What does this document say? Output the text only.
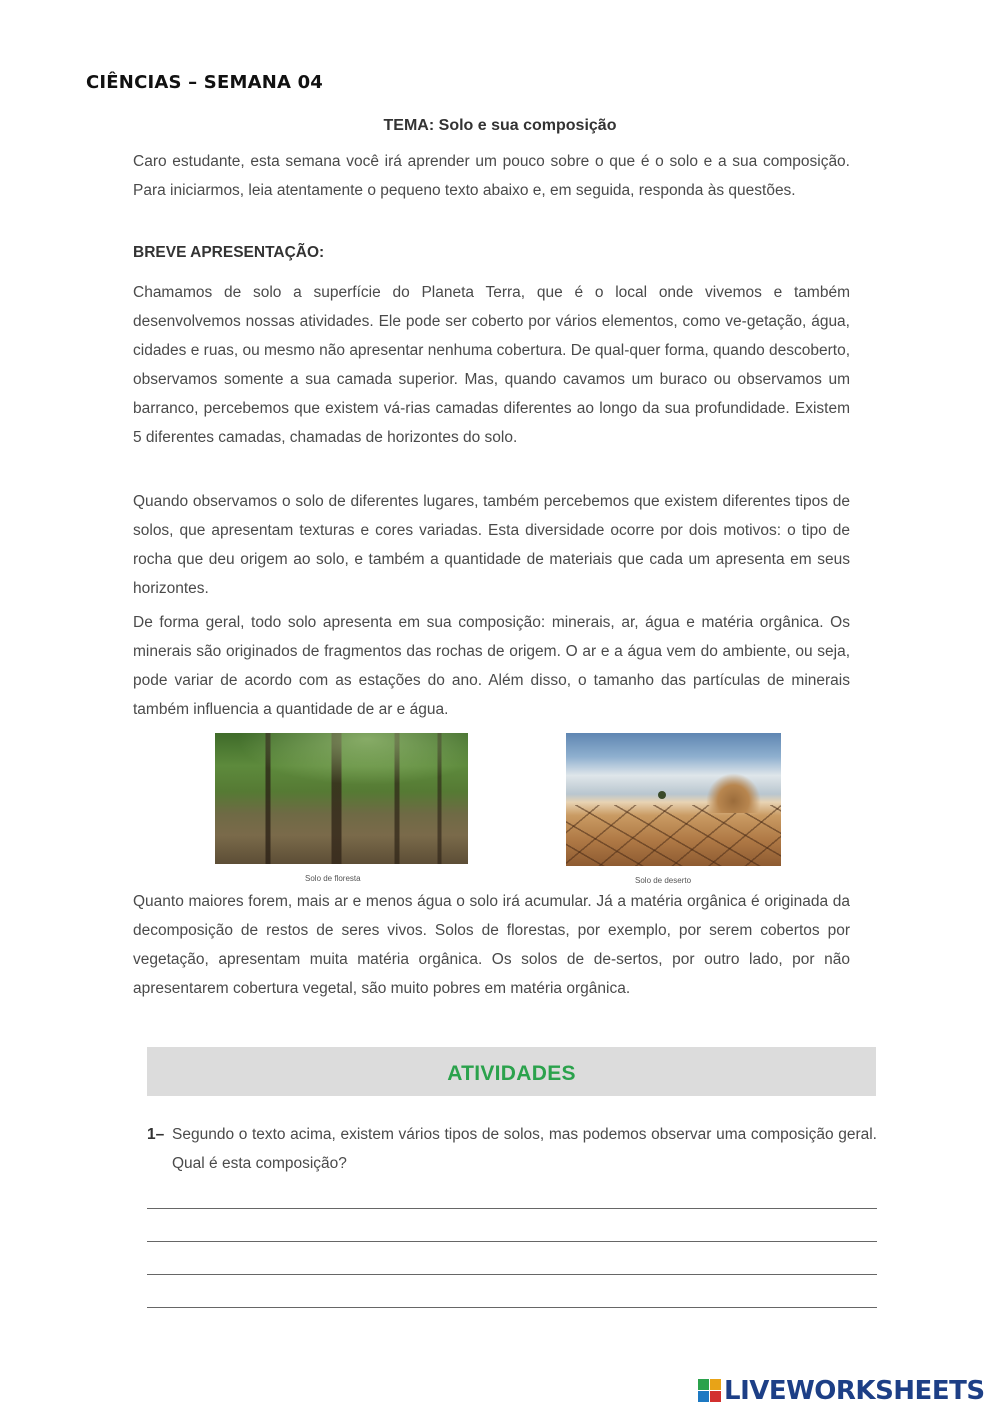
CIÊNCIAS – SEMANA 04
TEMA: Solo e sua composição
Caro estudante, esta semana você irá aprender um pouco sobre o que é o solo e a sua composição. Para iniciarmos, leia atentamente o pequeno texto abaixo e, em seguida, responda às questões.
BREVE APRESENTAÇÃO:
Chamamos de solo a superfície do Planeta Terra, que é o local onde vivemos e também desenvolvemos nossas atividades. Ele pode ser coberto por vários elementos, como ve-getação, água, cidades e ruas, ou mesmo não apresentar nenhuma cobertura. De qual-quer forma, quando descoberto, observamos somente a sua camada superior. Mas, quando cavamos um buraco ou observamos um barranco, percebemos que existem vá-rias camadas diferentes ao longo da sua profundidade. Existem 5 diferentes camadas, chamadas de horizontes do solo.
Quando observamos o solo de diferentes lugares, também percebemos que existem diferentes tipos de solos, que apresentam texturas e cores variadas. Esta diversidade ocorre por dois motivos: o tipo de rocha que deu origem ao solo, e também a quantidade de materiais que cada um apresenta em seus horizontes.
De forma geral, todo solo apresenta em sua composição: minerais, ar, água e matéria orgânica. Os minerais são originados de fragmentos das rochas de origem. O ar e a água vem do ambiente, ou seja, pode variar de acordo com as estações do ano. Além disso, o tamanho das partículas de minerais também influencia a quantidade de ar e água.
Solo de floresta	Solo de deserto
Quanto maiores forem, mais ar e menos água o solo irá acumular. Já a matéria orgânica é originada da decomposição de restos de seres vivos. Solos de florestas, por exemplo, por serem cobertos por vegetação, apresentam muita matéria orgânica. Os solos de de-sertos, por outro lado, por não apresentarem cobertura vegetal, são muito pobres em matéria orgânica.
ATIVIDADES
1– Segundo o texto acima, existem vários tipos de solos, mas podemos observar uma composição geral. Qual é esta composição?
LIVEWORKSHEETS
